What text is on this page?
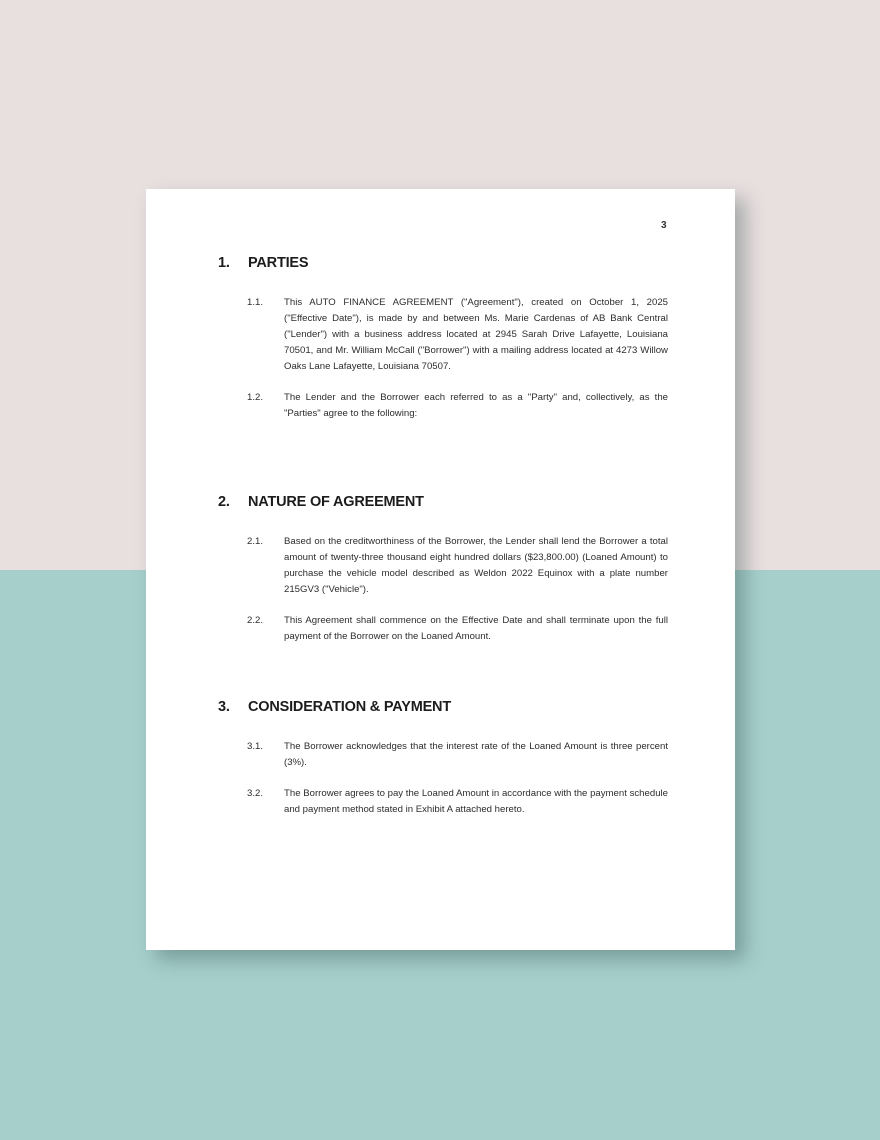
3
1.	PARTIES
1.1.	This AUTO FINANCE AGREEMENT ("Agreement"), created on October 1, 2025 ("Effective Date"), is made by and between Ms. Marie Cardenas of AB Bank Central ("Lender") with a business address located at 2945 Sarah Drive Lafayette, Louisiana 70501, and Mr. William McCall ("Borrower") with a mailing address located at 4273 Willow Oaks Lane Lafayette, Louisiana 70507.
1.2.	The Lender and the Borrower each referred to as a "Party" and, collectively, as the "Parties" agree to the following:
2.	NATURE OF AGREEMENT
2.1.	Based on the creditworthiness of the Borrower, the Lender shall lend the Borrower a total amount of twenty-three thousand eight hundred dollars ($23,800.00) (Loaned Amount) to purchase the vehicle model described as Weldon 2022 Equinox with a plate number 215GV3 ("Vehicle").
2.2.	This Agreement shall commence on the Effective Date and shall terminate upon the full payment of the Borrower on the Loaned Amount.
3.	CONSIDERATION & PAYMENT
3.1.	The Borrower acknowledges that the interest rate of the Loaned Amount is three percent (3%).
3.2.	The Borrower agrees to pay the Loaned Amount in accordance with the payment schedule and payment method stated in Exhibit A attached hereto.
